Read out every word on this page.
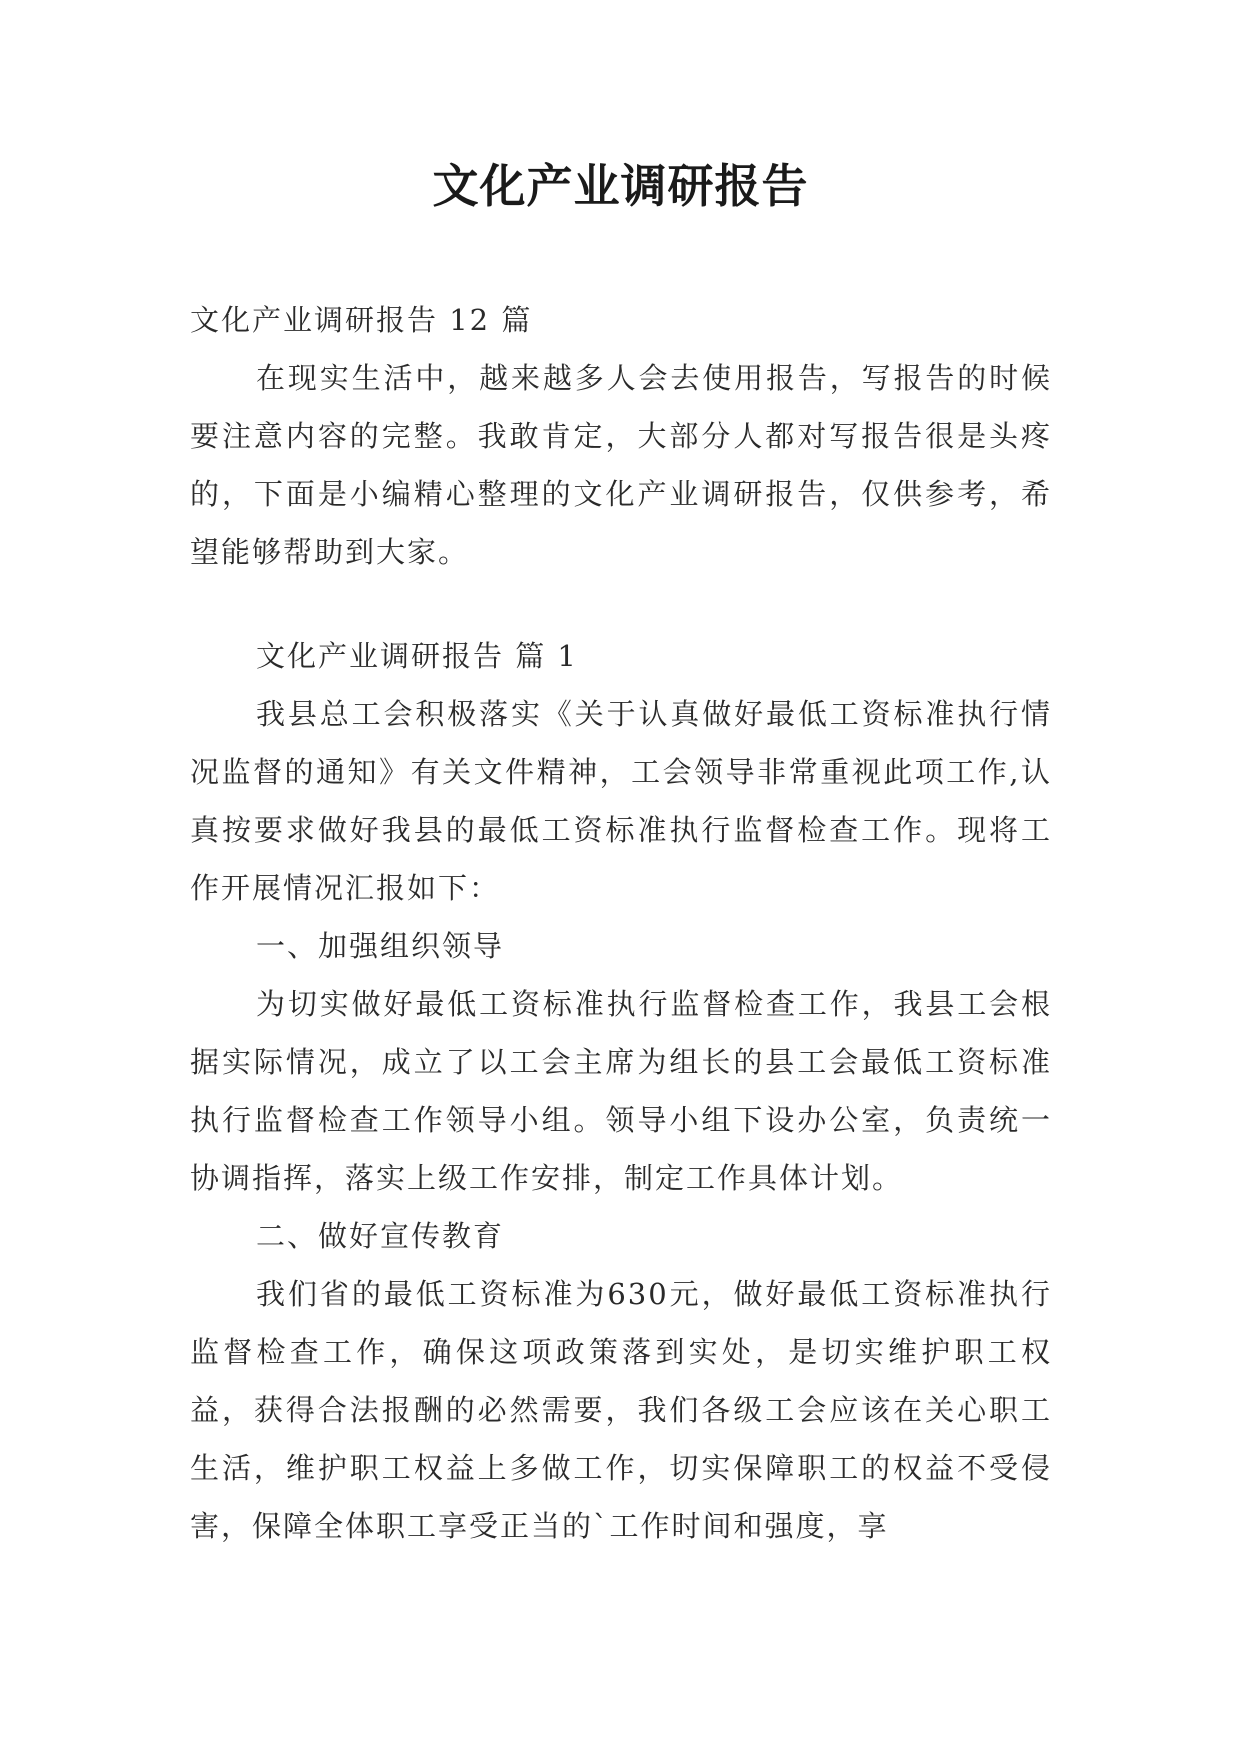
文化产业调研报告

文化产业调研报告 12 篇

在现实生活中，越来越多人会去使用报告，写报告的时候要注意内容的完整。我敢肯定，大部分人都对写报告很是头疼的，下面是小编精心整理的文化产业调研报告，仅供参考，希望能够帮助到大家。

文化产业调研报告 篇 1

我县总工会积极落实《关于认真做好最低工资标准执行情况监督的通知》有关文件精神，工会领导非常重视此项工作,认真按要求做好我县的最低工资标准执行监督检查工作。现将工作开展情况汇报如下：

一、加强组织领导

为切实做好最低工资标准执行监督检查工作，我县工会根据实际情况，成立了以工会主席为组长的县工会最低工资标准执行监督检查工作领导小组。领导小组下设办公室，负责统一协调指挥，落实上级工作安排，制定工作具体计划。

二、做好宣传教育

我们省的最低工资标准为630元，做好最低工资标准执行监督检查工作，确保这项政策落到实处，是切实维护职工权益，获得合法报酬的必然需要，我们各级工会应该在关心职工生活，维护职工权益上多做工作，切实保障职工的权益不受侵害，保障全体职工享受正当的`工作时间和强度，享
